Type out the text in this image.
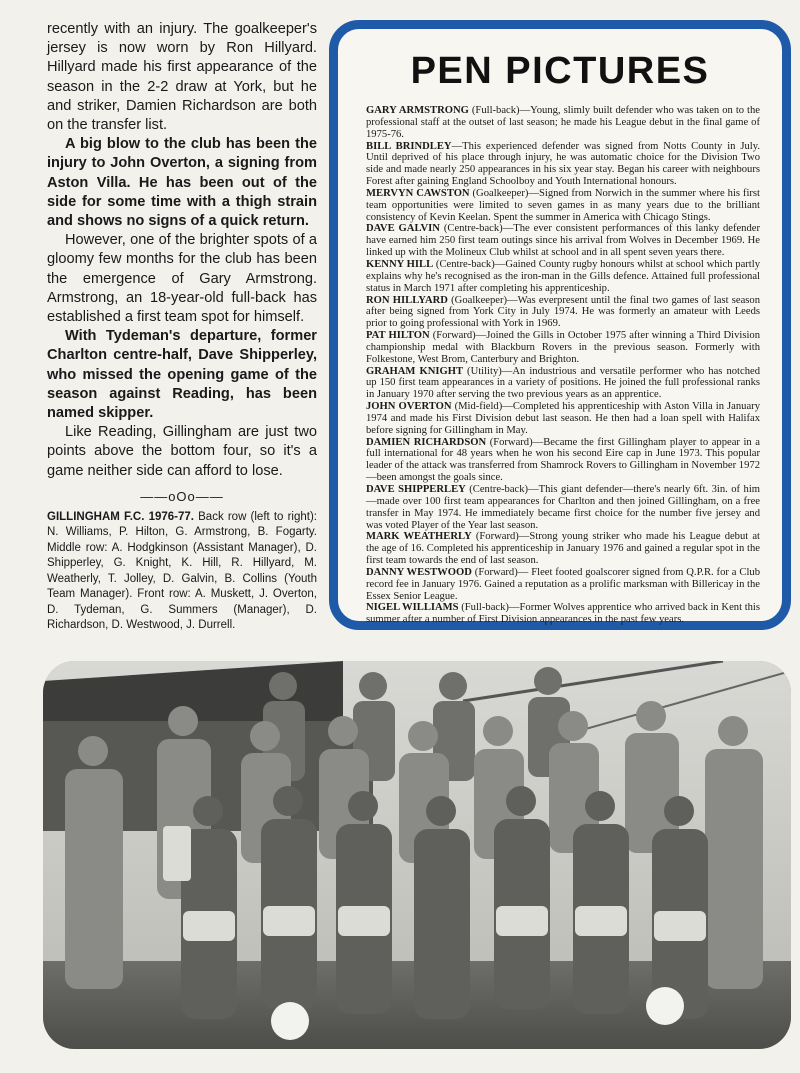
recently with an injury. The goalkeeper's jersey is now worn by Ron Hillyard. Hillyard made his first appearance of the season in the 2-2 draw at York, but he and striker, Damien Richardson are both on the transfer list.

A big blow to the club has been the injury to John Overton, a signing from Aston Villa. He has been out of the side for some time with a thigh strain and shows no signs of a quick return.

However, one of the brighter spots of a gloomy few months for the club has been the emergence of Gary Armstrong. Armstrong, an 18-year-old full-back has established a first team spot for himself.

With Tydeman's departure, former Charlton centre-half, Dave Shipperley, who missed the opening game of the season against Reading, has been named skipper.

Like Reading, Gillingham are just two points above the bottom four, so it's a game neither side can afford to lose.

——oOo——
GILLINGHAM F.C. 1976-77. Back row (left to right): N. Williams, P. Hilton, G. Armstrong, B. Fogarty. Middle row: A. Hodgkinson (Assistant Manager), D. Shipperley, G. Knight, K. Hill, R. Hillyard, M. Weatherly, T. Jolley, D. Galvin, B. Collins (Youth Team Manager). Front row: A. Muskett, J. Overton, D. Tydeman, G. Summers (Manager), D. Richardson, D. Westwood, J. Durrell.
PEN PICTURES

GARY ARMSTRONG (Full-back)—Young, slimly built defender who was taken on to the professional staff at the outset of last season; he made his League debut in the final game of 1975-76.

BILL BRINDLEY—This experienced defender was signed from Notts County in July. Until deprived of his place through injury, he was automatic choice for the Division Two side and made nearly 250 appearances in his six year stay. Began his career with neighbours Forest after gaining England Schoolboy and Youth International honours.

MERVYN CAWSTON (Goalkeeper)—Signed from Norwich in the summer where his first team opportunities were limited to seven games in as many years due to the brilliant consistency of Kevin Keelan. Spent the summer in America with Chicago Stings.

DAVE GALVIN (Centre-back)—The ever consistent performances of this lanky defender have earned him 250 first team outings since his arrival from Wolves in December 1969. He linked up with the Molineux Club whilst at school and in all spent seven years there.

KENNY HILL (Centre-back)—Gained County rugby honours whilst at school which partly explains why he's recognised as the iron-man in the Gills defence. Attained full professional status in March 1971 after completing his apprenticeship.

RON HILLYARD (Goalkeeper)—Was everpresent until the final two games of last season after being signed from York City in July 1974. He was formerly an amateur with Leeds prior to going professional with York in 1969.

PAT HILTON (Forward)—Joined the Gills in October 1975 after winning a Third Division championship medal with Blackburn Rovers in the previous season. Formerly with Folkestone, West Brom, Canterbury and Brighton.

GRAHAM KNIGHT (Utility)—An industrious and versatile performer who has notched up 150 first team appearances in a variety of positions. He joined the full professional ranks in January 1970 after serving the two previous years as an apprentice.

JOHN OVERTON (Mid-field)—Completed his apprenticeship with Aston Villa in January 1974 and made his First Division debut last season. He then had a loan spell with Halifax before signing for Gillingham in May.

DAMIEN RICHARDSON (Forward)—Became the first Gillingham player to appear in a full international for 48 years when he won his second Eire cap in June 1973. This popular leader of the attack was transferred from Shamrock Rovers to Gillingham in November 1972—been amongst the goals since.

DAVE SHIPPERLEY (Centre-back)—This giant defender—there's nearly 6ft. 3in. of him—made over 100 first team appearances for Charlton and then joined Gillingham, on a free transfer in May 1974. He immediately became first choice for the number five jersey and was voted Player of the Year last season.

MARK WEATHERLY (Forward)—Strong young striker who made his League debut at the age of 16. Completed his apprenticeship in January 1976 and gained a regular spot in the first team towards the end of last season.

DANNY WESTWOOD (Forward)— Fleet footed goalscorer signed from Q.P.R. for a Club record fee in January 1976. Gained a reputation as a prolific marksman with Billericay in the Essex Senior League.

NIGEL WILLIAMS (Full-back)—Former Wolves apprentice who arrived back in Kent this summer after a number of First Division appearances in the past few years.
